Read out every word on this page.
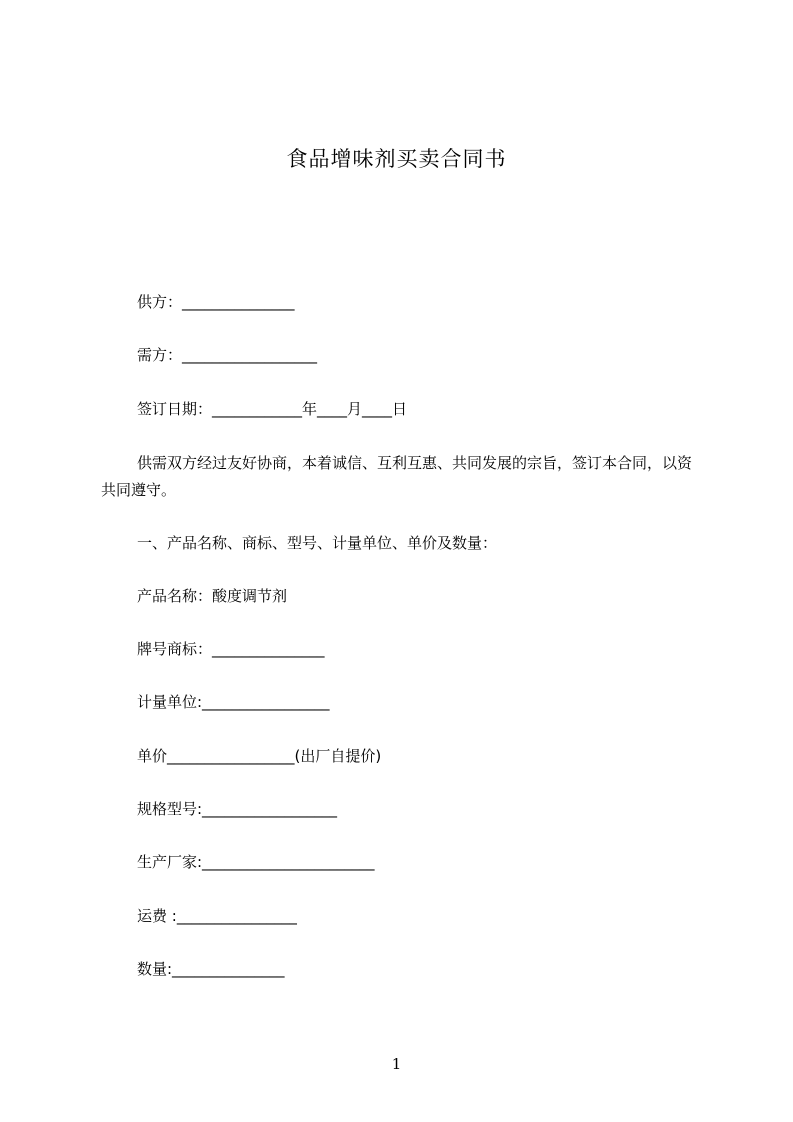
食品增味剂买卖合同书
供方：_______________
需方：__________________
签订日期：____________年____月____日
供需双方经过友好协商，本着诚信、互利互惠、共同发展的宗旨，签订本合同，以资共同遵守。
一、产品名称、商标、型号、计量单位、单价及数量：
产品名称：酸度调节剂
牌号商标：_______________
计量单位:_________________
单价_________________(出厂自提价)
规格型号:__________________
生产厂家:_______________________
运费 :________________
数量:_______________
1
